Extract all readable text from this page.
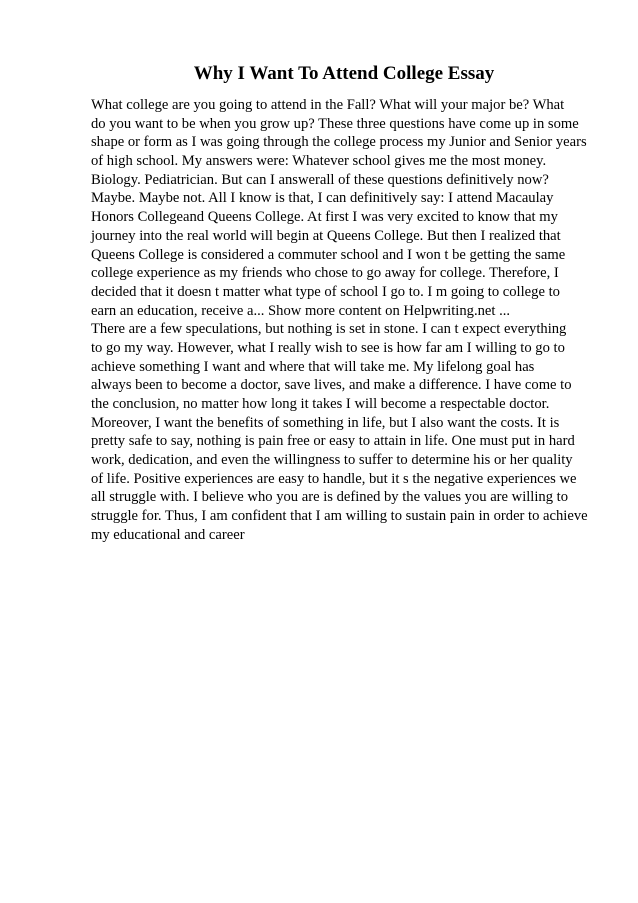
Why I Want To Attend College Essay
What college are you going to attend in the Fall? What will your major be? What
do you want to be when you grow up? These three questions have come up in some
shape or form as I was going through the college process my Junior and Senior years
of high school. My answers were: Whatever school gives me the most money.
Biology. Pediatrician. But can I answerall of these questions definitively now?
Maybe. Maybe not. All I know is that, I can definitively say: I attend Macaulay
Honors Collegeand Queens College. At first I was very excited to know that my
journey into the real world will begin at Queens College. But then I realized that
Queens College is considered a commuter school and I won t be getting the same
college experience as my friends who chose to go away for college. Therefore, I
decided that it doesn t matter what type of school I go to. I m going to college to
earn an education, receive a... Show more content on Helpwriting.net ...
There are a few speculations, but nothing is set in stone. I can t expect everything
to go my way. However, what I really wish to see is how far am I willing to go to
achieve something I want and where that will take me. My lifelong goal has
always been to become a doctor, save lives, and make a difference. I have come to
the conclusion, no matter how long it takes I will become a respectable doctor.
Moreover, I want the benefits of something in life, but I also want the costs. It is
pretty safe to say, nothing is pain free or easy to attain in life. One must put in hard
work, dedication, and even the willingness to suffer to determine his or her quality
of life. Positive experiences are easy to handle, but it s the negative experiences we
all struggle with. I believe who you are is defined by the values you are willing to
struggle for. Thus, I am confident that I am willing to sustain pain in order to achieve
my educational and career
